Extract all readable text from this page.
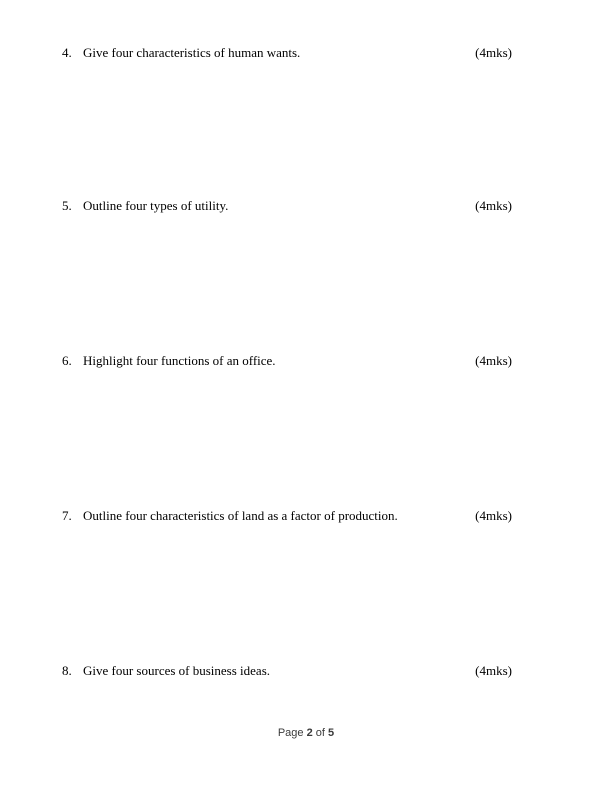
4. Give four characteristics of human wants.	(4mks)
5. Outline four types of utility.	(4mks)
6. Highlight four functions of an office.	(4mks)
7. Outline four characteristics of land as a factor of production.	(4mks)
8. Give four sources of business ideas.	(4mks)
Page 2 of 5
